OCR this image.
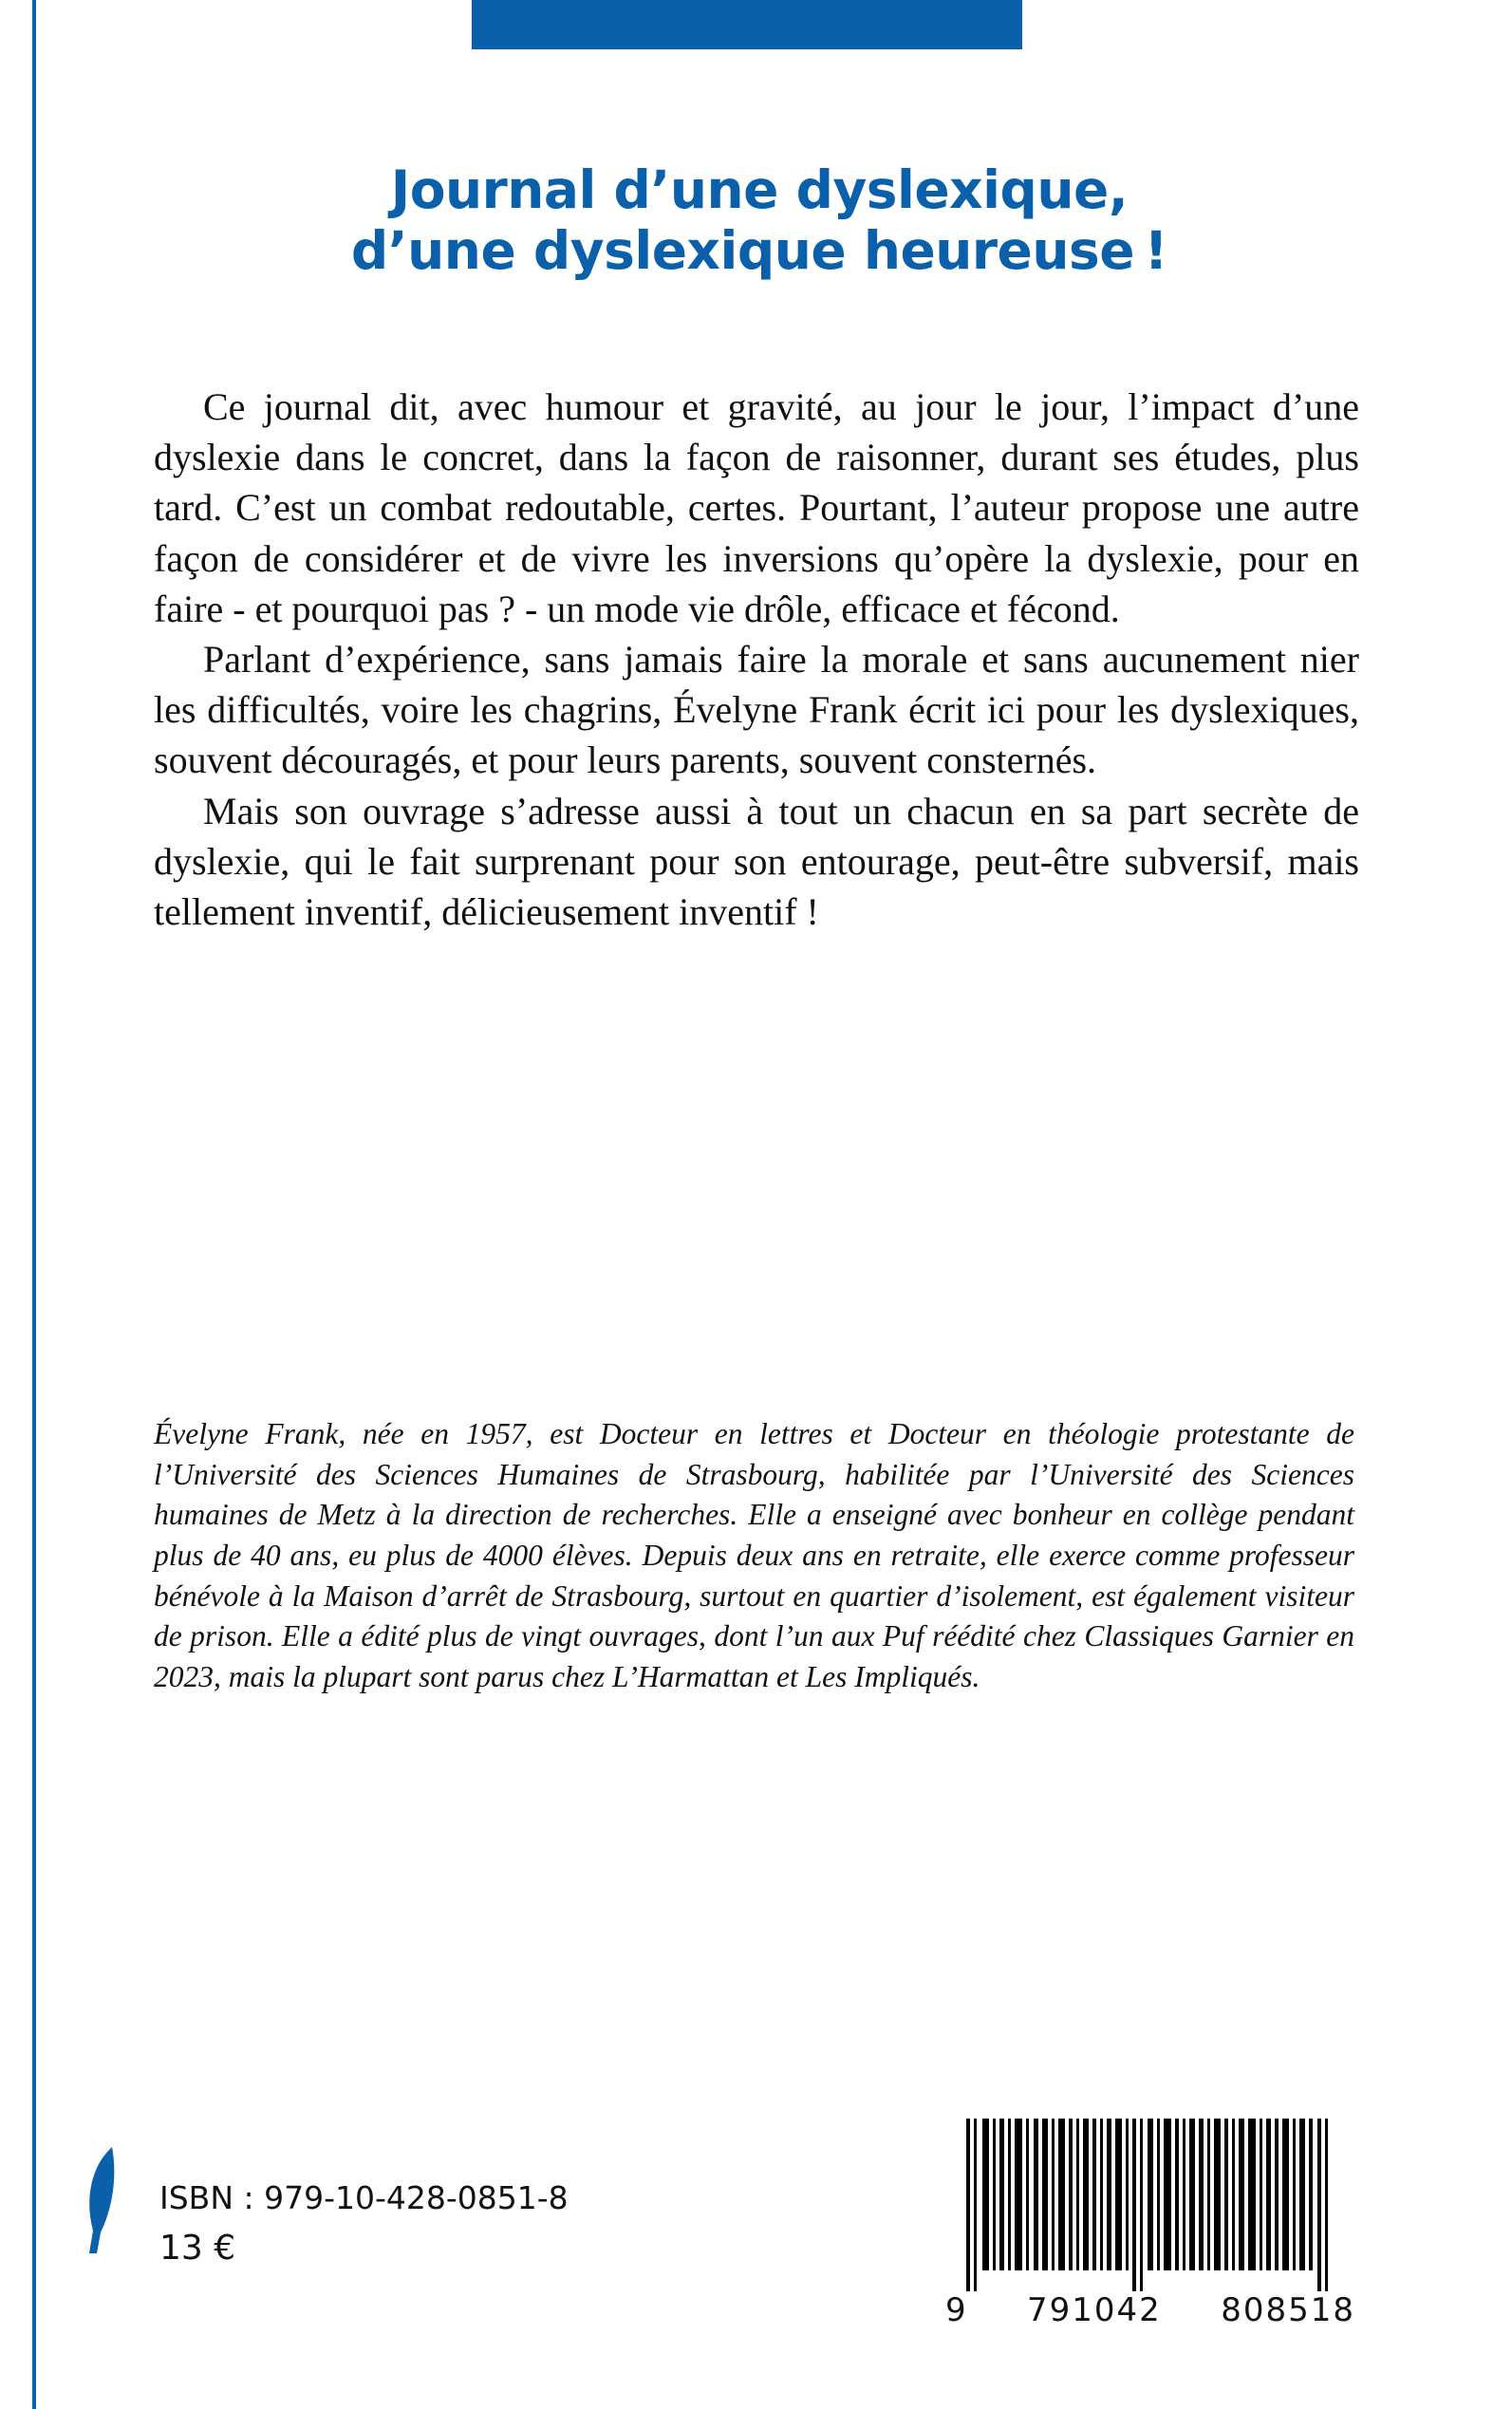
Journal d’une dyslexique,
d’une dyslexique heureuse !

Ce journal dit, avec humour et gravité, au jour le jour, l’impact d’une dyslexie dans le concret, dans la façon de raisonner, durant ses études, plus tard. C’est un combat redoutable, certes. Pourtant, l’auteur propose une autre façon de considérer et de vivre les inversions qu’opère la dyslexie, pour en faire - et pourquoi pas ? - un mode vie drôle, efficace et fécond.

Parlant d’expérience, sans jamais faire la morale et sans aucunement nier les difficultés, voire les chagrins, Évelyne Frank écrit ici pour les dyslexiques, souvent découragés, et pour leurs parents, souvent consternés.

Mais son ouvrage s’adresse aussi à tout un chacun en sa part secrète de dyslexie, qui le fait surprenant pour son entourage, peut-être subversif, mais tellement inventif, délicieusement inventif !

Évelyne Frank, née en 1957, est Docteur en lettres et Docteur en théologie protestante de l’Université des Sciences Humaines de Strasbourg, habilitée par l’Université des Sciences humaines de Metz à la direction de recherches. Elle a enseigné avec bonheur en collège pendant plus de 40 ans, eu plus de 4000 élèves. Depuis deux ans en retraite, elle exerce comme professeur bénévole à la Maison d’arrêt de Strasbourg, surtout en quartier d’isolement, est également visiteur de prison. Elle a édité plus de vingt ouvrages, dont l’un aux Puf réédité chez Classiques Garnier en 2023, mais la plupart sont parus chez L’Harmattan et Les Impliqués.

ISBN : 979-10-428-0851-8
13 €
9 791042 808518
